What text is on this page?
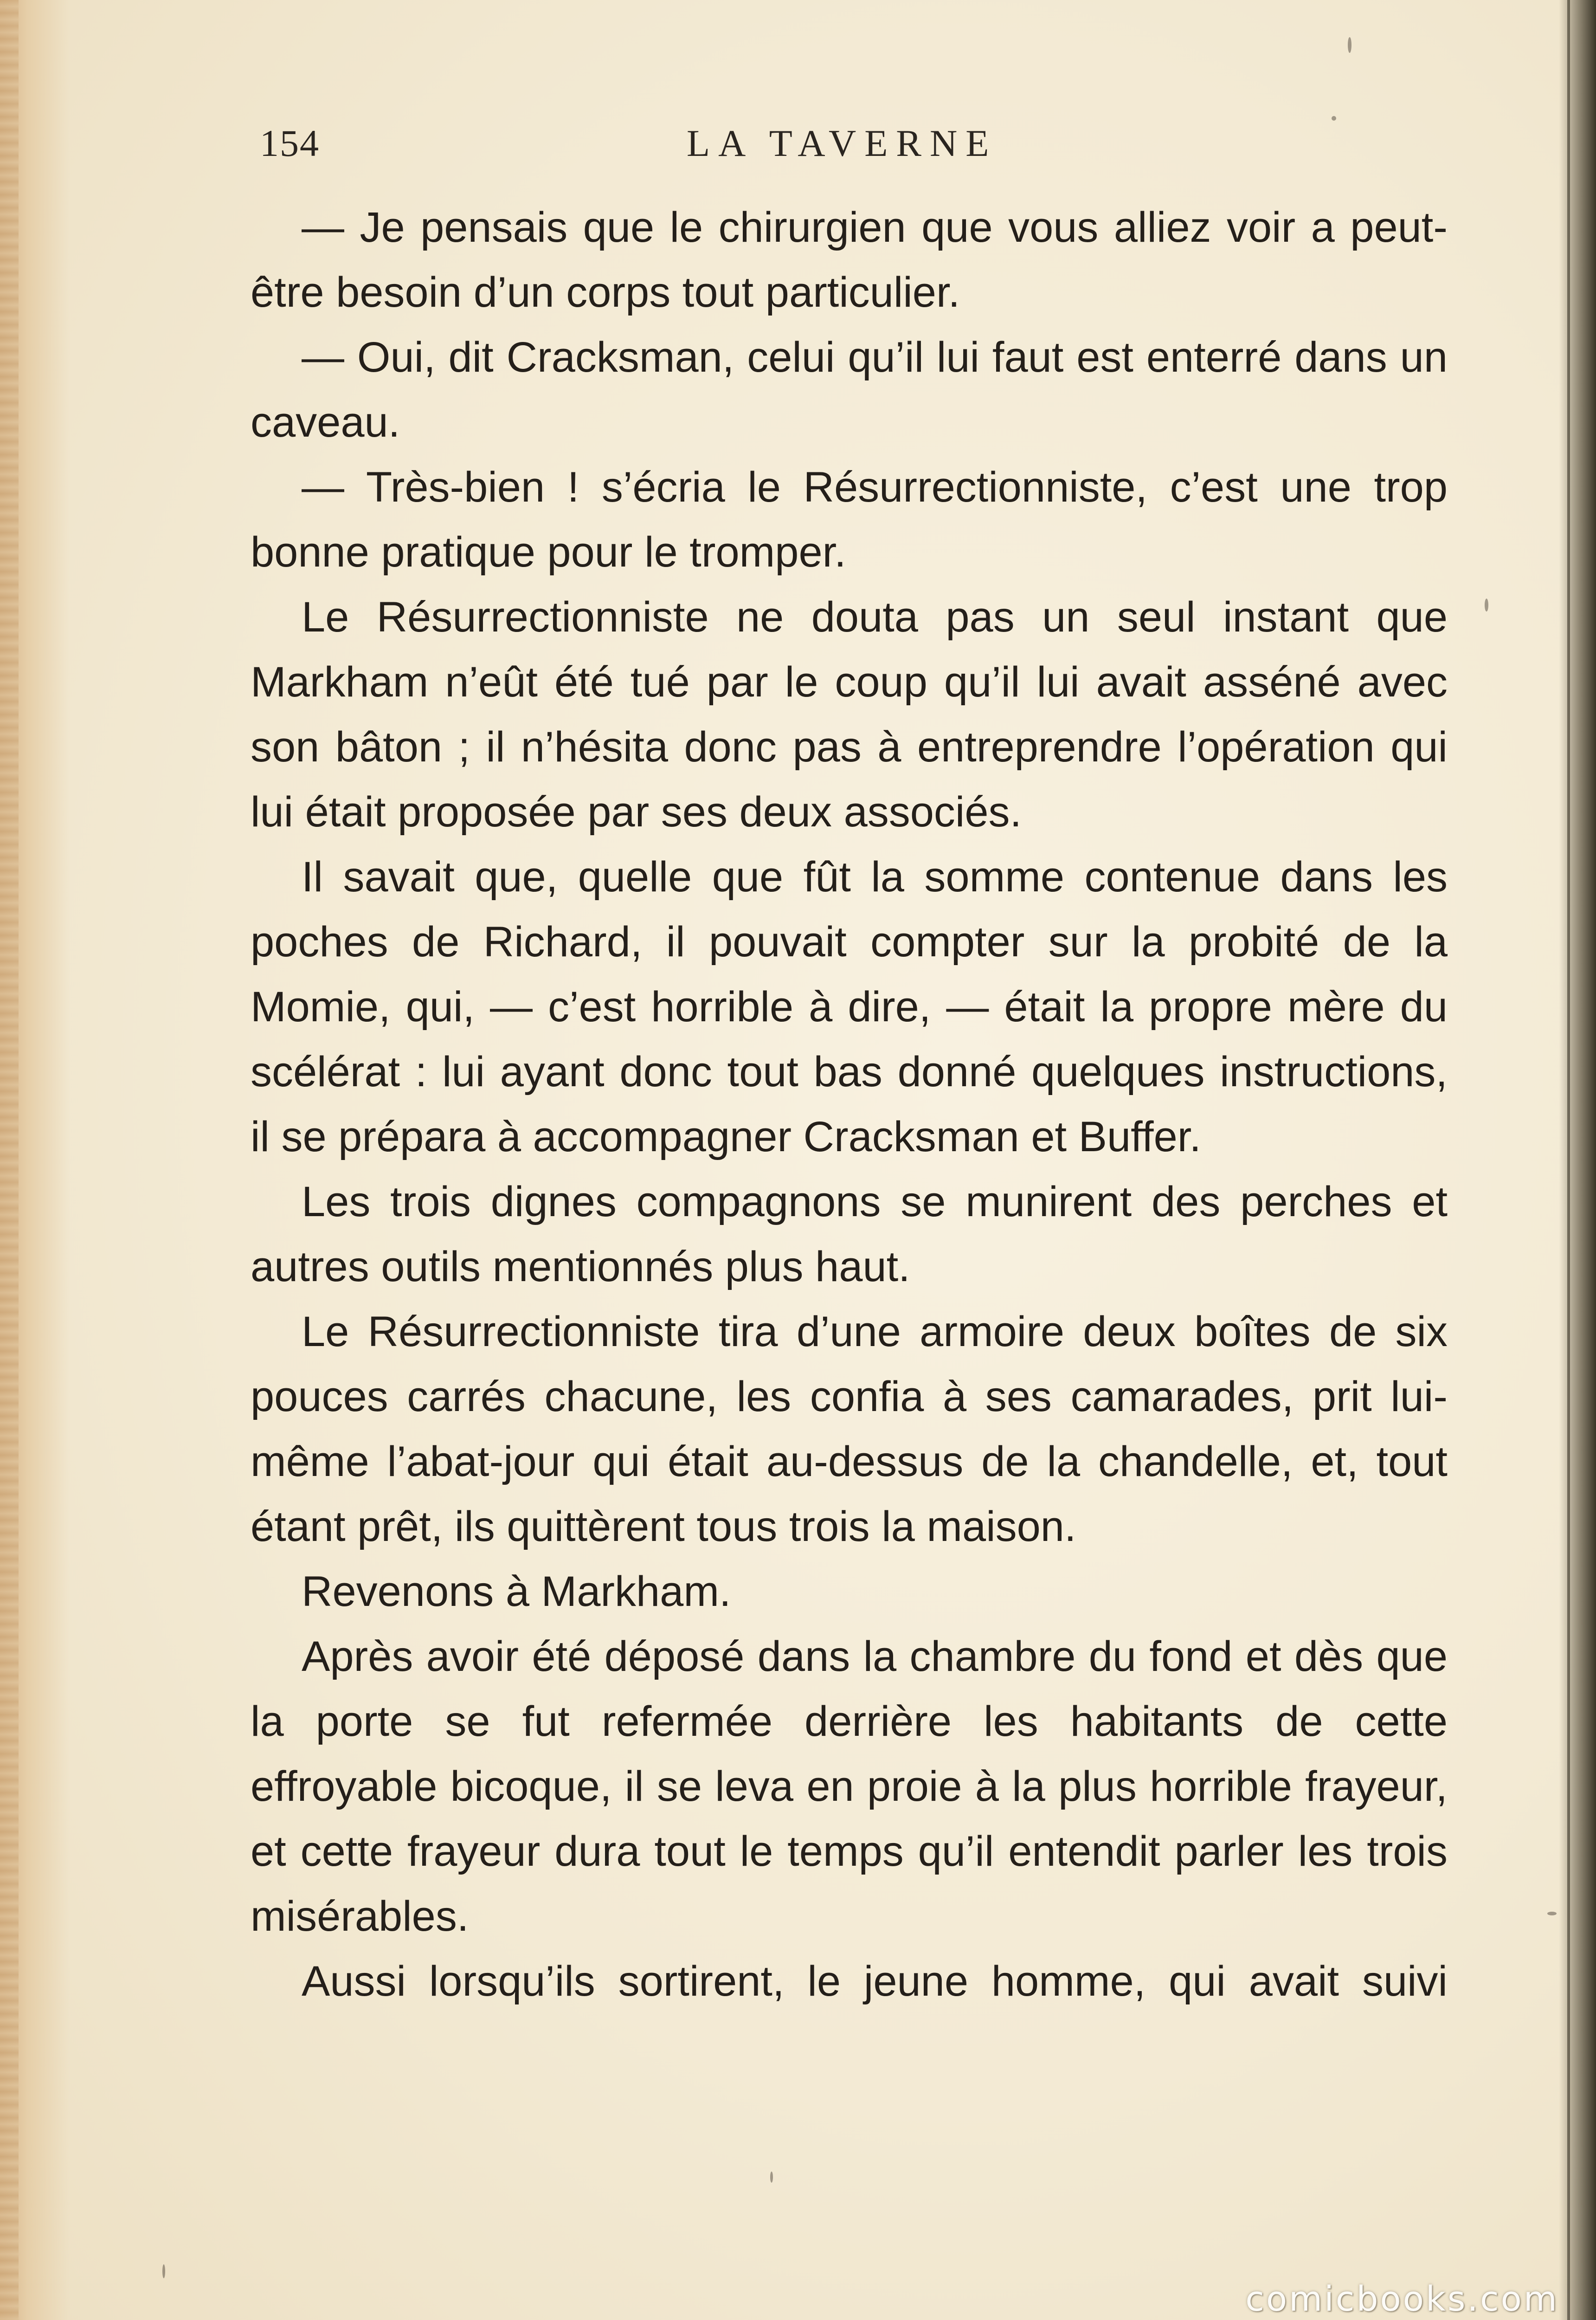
154	LA TAVERNE

— Je pensais que le chirurgien que vous alliez voir a peut-être besoin d’un corps tout particulier.

— Oui, dit Cracksman, celui qu’il lui faut est enterré dans un caveau.

— Très-bien ! s’écria le Résurrectionniste, c’est une trop bonne pratique pour le tromper.

Le Résurrectionniste ne douta pas un seul instant que Markham n’eût été tué par le coup qu’il lui avait asséné avec son bâton ; il n’hésita donc pas à entreprendre l’opération qui lui était proposée par ses deux associés.

Il savait que, quelle que fût la somme contenue dans les poches de Richard, il pouvait compter sur la probité de la Momie, qui, — c’est horrible à dire, — était la propre mère du scélérat : lui ayant donc tout bas donné quelques instructions, il se prépara à accompagner Cracksman et Buffer.

Les trois dignes compagnons se munirent des perches et autres outils mentionnés plus haut.

Le Résurrectionniste tira d’une armoire deux boîtes de six pouces carrés chacune, les confia à ses camarades, prit lui-même l’abat-jour qui était au-dessus de la chandelle, et, tout étant prêt, ils quittèrent tous trois la maison.

Revenons à Markham.

Après avoir été déposé dans la chambre du fond et dès que la porte se fut refermée derrière les habitants de cette effroyable bicoque, il se leva en proie à la plus horrible frayeur, et cette frayeur dura tout le temps qu’il entendit parler les trois misérables.

Aussi lorsqu’ils sortirent, le jeune homme, qui avait suivi

comicbooks.com
